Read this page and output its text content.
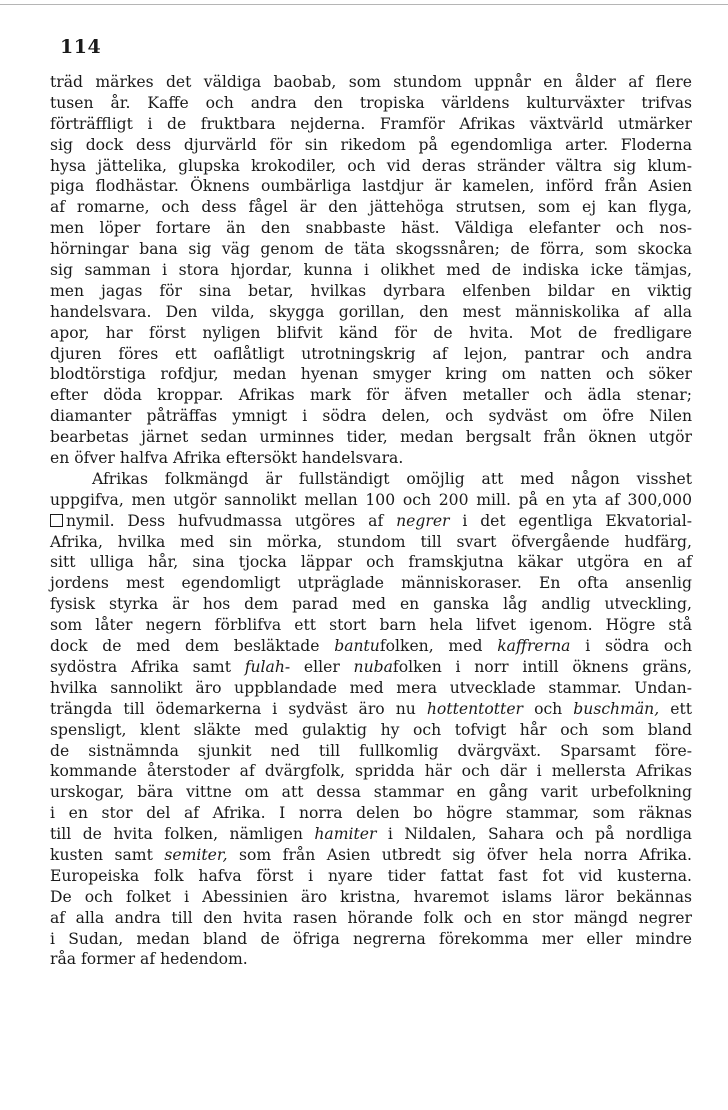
114
träd märkes det väldiga baobab, som stundom uppnår en ålder af flere
tusen år. Kaffe och andra den tropiska världens kulturväxter trifvas
förträffligt i de fruktbara nejderna. Framför Afrikas växtvärld utmärker
sig dock dess djurvärld för sin rikedom på egendomliga arter. Floderna
hysa jättelika, glupska krokodiler, och vid deras stränder vältra sig klum-
piga flodhästar. Öknens oumbärliga lastdjur är kamelen, införd från Asien
af romarne, och dess fågel är den jättehöga strutsen, som ej kan flyga,
men löper fortare än den snabbaste häst. Väldiga elefanter och nos-
hörningar bana sig väg genom de täta skogssnåren; de förra, som skocka
sig samman i stora hjordar, kunna i olikhet med de indiska icke tämjas,
men jagas för sina betar, hvilkas dyrbara elfenben bildar en viktig
handelsvara. Den vilda, skygga gorillan, den mest människolika af alla
apor, har först nyligen blifvit känd för de hvita. Mot de fredligare
djuren föres ett oaflåtligt utrotningskrig af lejon, pantrar och andra
blodtörstiga rofdjur, medan hyenan smyger kring om natten och söker
efter döda kroppar. Afrikas mark för äfven metaller och ädla stenar;
diamanter påträffas ymnigt i södra delen, och sydväst om öfre Nilen
bearbetas järnet sedan urminnes tider, medan bergsalt från öknen utgör
en öfver halfva Afrika eftersökt handelsvara.
Afrikas folkmängd är fullständigt omöjlig att med någon visshet
uppgifva, men utgör sannolikt mellan 100 och 200 mill. på en yta af 300,000
nymil. Dess hufvudmassa utgöres af negrer i det egentliga Ekvatorial-
Afrika, hvilka med sin mörka, stundom till svart öfvergående hudfärg,
sitt ulliga hår, sina tjocka läppar och framskjutna käkar utgöra en af
jordens mest egendomligt utpräglade människoraser. En ofta ansenlig
fysisk styrka är hos dem parad med en ganska låg andlig utveckling,
som låter negern förblifva ett stort barn hela lifvet igenom. Högre stå
dock de med dem besläktade bantufolken, med kaffrerna i södra och
sydöstra Afrika samt fulah- eller nubafolken i norr intill öknens gräns,
hvilka sannolikt äro uppblandade med mera utvecklade stammar. Undan-
trängda till ödemarkerna i sydväst äro nu hottentotter och buschmän, ett
spensligt, klent släkte med gulaktig hy och tofvigt hår och som bland
de sistnämnda sjunkit ned till fullkomlig dvärgväxt. Sparsamt före-
kommande återstoder af dvärgfolk, spridda här och där i mellersta Afrikas
urskogar, bära vittne om att dessa stammar en gång varit urbefolkning
i en stor del af Afrika. I norra delen bo högre stammar, som räknas
till de hvita folken, nämligen hamiter i Nildalen, Sahara och på nordliga
kusten samt semiter, som från Asien utbredt sig öfver hela norra Afrika.
Europeiska folk hafva först i nyare tider fattat fast fot vid kusterna.
De och folket i Abessinien äro kristna, hvaremot islams läror bekännas
af alla andra till den hvita rasen hörande folk och en stor mängd negrer
i Sudan, medan bland de öfriga negrerna förekomma mer eller mindre
råa former af hedendom.
